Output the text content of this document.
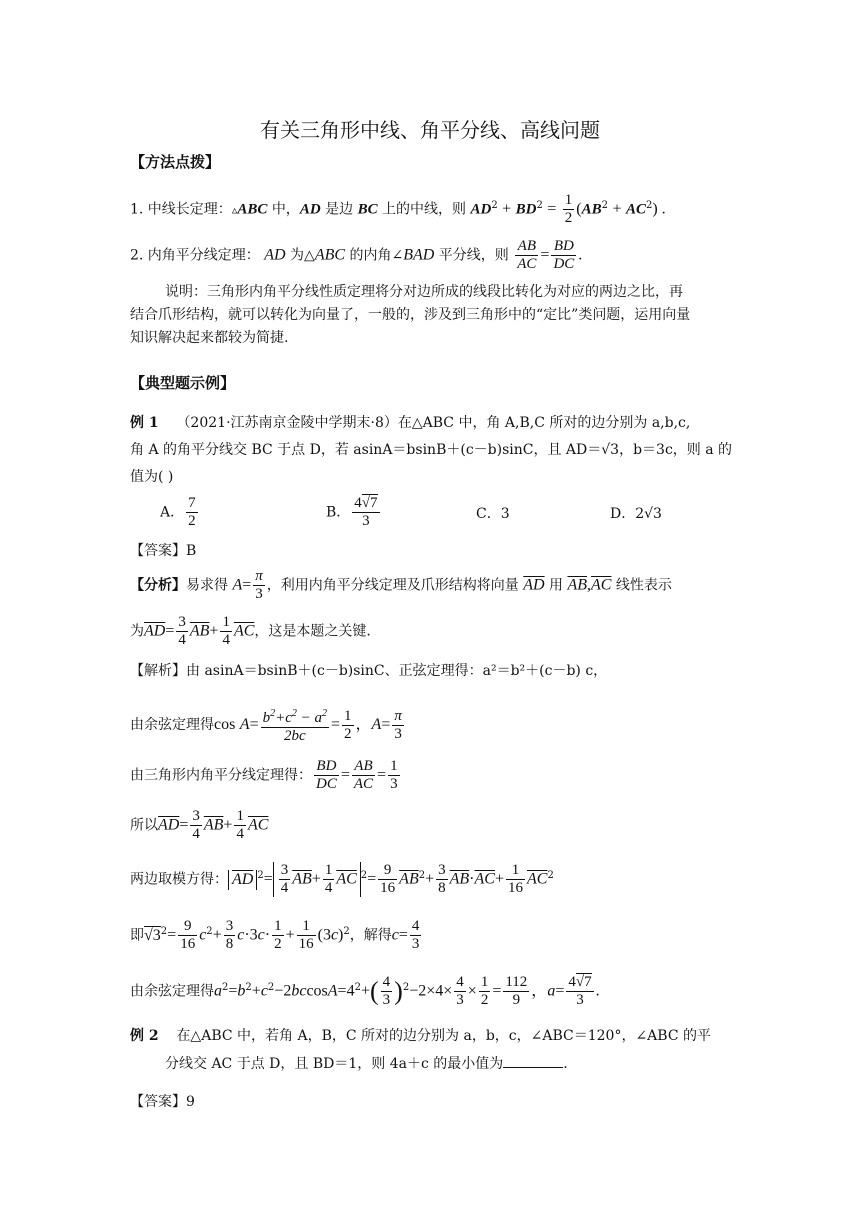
有关三角形中线、角平分线、高线问题
【方法点拨】
1. 中线长定理：▵ABC 中，AD 是边 BC 上的中线，则 $AD^2 + BD^2 = \frac{1}{2} (AB^2 + AC^2)$ .
2. 内角平分线定理： AD 为△ABC 的内角∠BAD 平分线，则 $\frac{AB}{AC} = \frac{BD}{DC}$ .
说明：三角形内角平分线性质定理将分对边所成的线段比转化为对应的两边之比，再
结合爪形结构，就可以转化为向量了，一般的，涉及到三角形中的“定比”类问题，运用向量
知识解决起来都较为简捷.
【典型题示例】
例 1 （2021·江苏南京金陵中学期末·8）在△ABC 中，角 A,B,C 所对的边分别为 a,b,c,
角 A 的角平分线交 BC 于点 D，若 asinA＝bsinB＋(c－b)sinC，且 AD＝√3，b＝3c，则 a 的
值为( )
A． $\frac{7}{2}$	B． $\frac{4√7}{3}$	C．3	D．2√3
【答案】B
【分析】易求得 $A= \frac{\pi}{3}$ ，利用内角平分线定理及爪形结构将向量 $\overline{AD}$ 用 $\overline{AB},\overline{AC}$ 线性表示
为$\overline{AD}= \frac{3}{4} \overline{AB}+ \frac{1}{4} \overline{AC}$，这是本题之关键.
【解析】由 asinA＝bsinB＋(c－b)sinC、正弦定理得：a²＝b²＋(c－b) c，
由余弦定理得$\cos A= \frac{b^2+c^2 - a^2}{2bc} = \frac{1}{2}$ ，$A= \frac{\pi}{3}$
由三角形内角平分线定理得： $\frac{BD}{DC} = \frac{AB}{AC} = \frac{1}{3}$
所以$\overline{AD}= \frac{3}{4} \overline{AB}+ \frac{1}{4} \overline{AC}$
两边取模方得： $\overline{AD}$ $^2= \frac{3}{4} \overline{AB}+ \frac{1}{4} \overline{AC}$ $^2= \frac{9}{16} \overline{AB}^2+ \frac{3}{8} \overline{AB}\cdot\overline{AC}+ \frac{1}{16} \overline{AC}^2$
即$√3^2= \frac{9}{16} c^2+ \frac{3}{8} c\cdot 3c\cdot \frac{1}{2} + \frac{1}{16} (3c)^2$，解得$c= \frac{4}{3}$
由余弦定理得$a^2=b^2+c^2-2bccosA=4^2+( \frac{4}{3} )^2-2\times 4\times \frac{4}{3} \times \frac{1}{2} = \frac{112}{9}$ ，$a= \frac{4√7}{3}$ .
例 2 在△ABC 中，若角 A，B，C 所对的边分别为 a，b，c，∠ABC＝120°，∠ABC 的平
分线交 AC 于点 D，且 BD＝1，则 4a＋c 的最小值为	.
【答案】9
